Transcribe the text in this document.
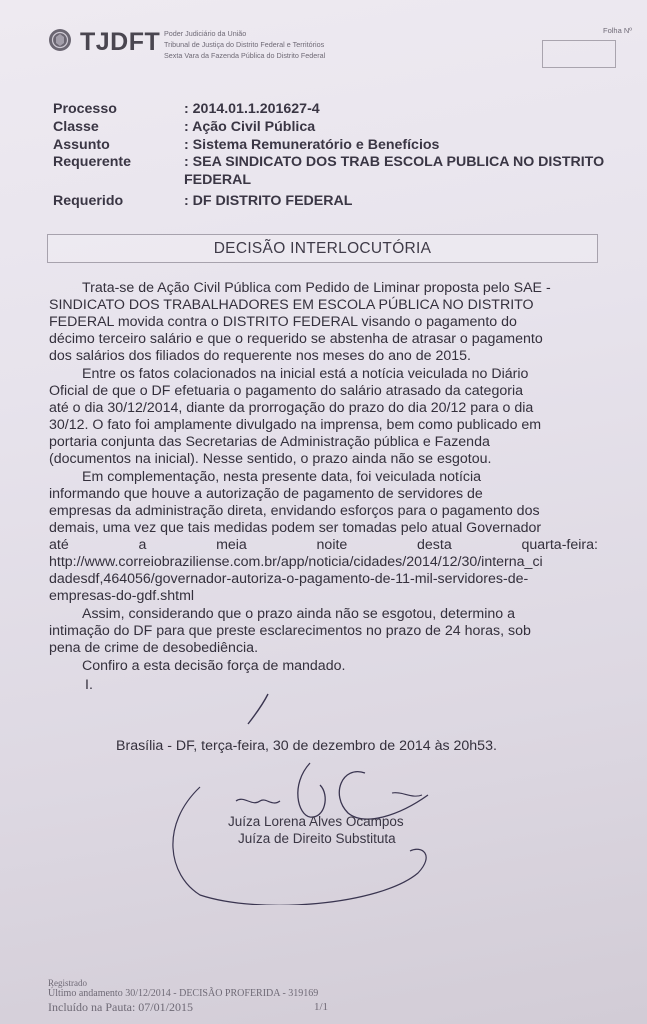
TJDFT Poder Judiciário da União
Tribunal de Justiça do Distrito Federal e Territórios
Sexta Vara da Fazenda Pública do Distrito Federal
Folha Nº
Processo	: 2014.01.1.201627-4
Classe	: Ação Civil Pública
Assunto	: Sistema Remuneratório e Benefícios
Requerente	: SEA SINDICATO DOS TRAB ESCOLA PUBLICA NO DISTRITO
FEDERAL
Requerido	: DF DISTRITO FEDERAL
DECISÃO INTERLOCUTÓRIA
Trata-se de Ação Civil Pública com Pedido de Liminar proposta pelo SAE -
SINDICATO DOS TRABALHADORES EM ESCOLA PÚBLICA NO DISTRITO
FEDERAL movida contra o DISTRITO FEDERAL visando o pagamento do
décimo terceiro salário e que o requerido se abstenha de atrasar o pagamento
dos salários dos filiados do requerente nos meses do ano de 2015.
Entre os fatos colacionados na inicial está a notícia veiculada no Diário
Oficial de que o DF efetuaria o pagamento do salário atrasado da categoria
até o dia 30/12/2014, diante da prorrogação do prazo do dia 20/12 para o dia
30/12. O fato foi amplamente divulgado na imprensa, bem como publicado em
portaria conjunta das Secretarias de Administração pública e Fazenda
(documentos na inicial). Nesse sentido, o prazo ainda não se esgotou.
Em complementação, nesta presente data, foi veiculada notícia
informando que houve a autorização de pagamento de servidores de
empresas da administração direta, envidando esforços para o pagamento dos
demais, uma vez que tais medidas podem ser tomadas pelo atual Governador
até	a	meia	noite	desta	quarta-feira:
http://www.correiobraziliense.com.br/app/noticia/cidades/2014/12/30/interna_ci
dadesdf,464056/governador-autoriza-o-pagamento-de-11-mil-servidores-de-
empresas-do-gdf.shtml
Assim, considerando que o prazo ainda não se esgotou, determino a
intimação do DF para que preste esclarecimentos no prazo de 24 horas, sob
pena de crime de desobediência.
Confiro a esta decisão força de mandado.
I.
Brasília - DF, terça-feira, 30 de dezembro de 2014 às 20h53.
Juíza Lorena Alves Ocampos
Juíza de Direito Substituta
Registrado
Último andamento 30/12/2014 - DECISÃO PROFERIDA - 319169
Incluído na Pauta: 07/01/2015	1/1
